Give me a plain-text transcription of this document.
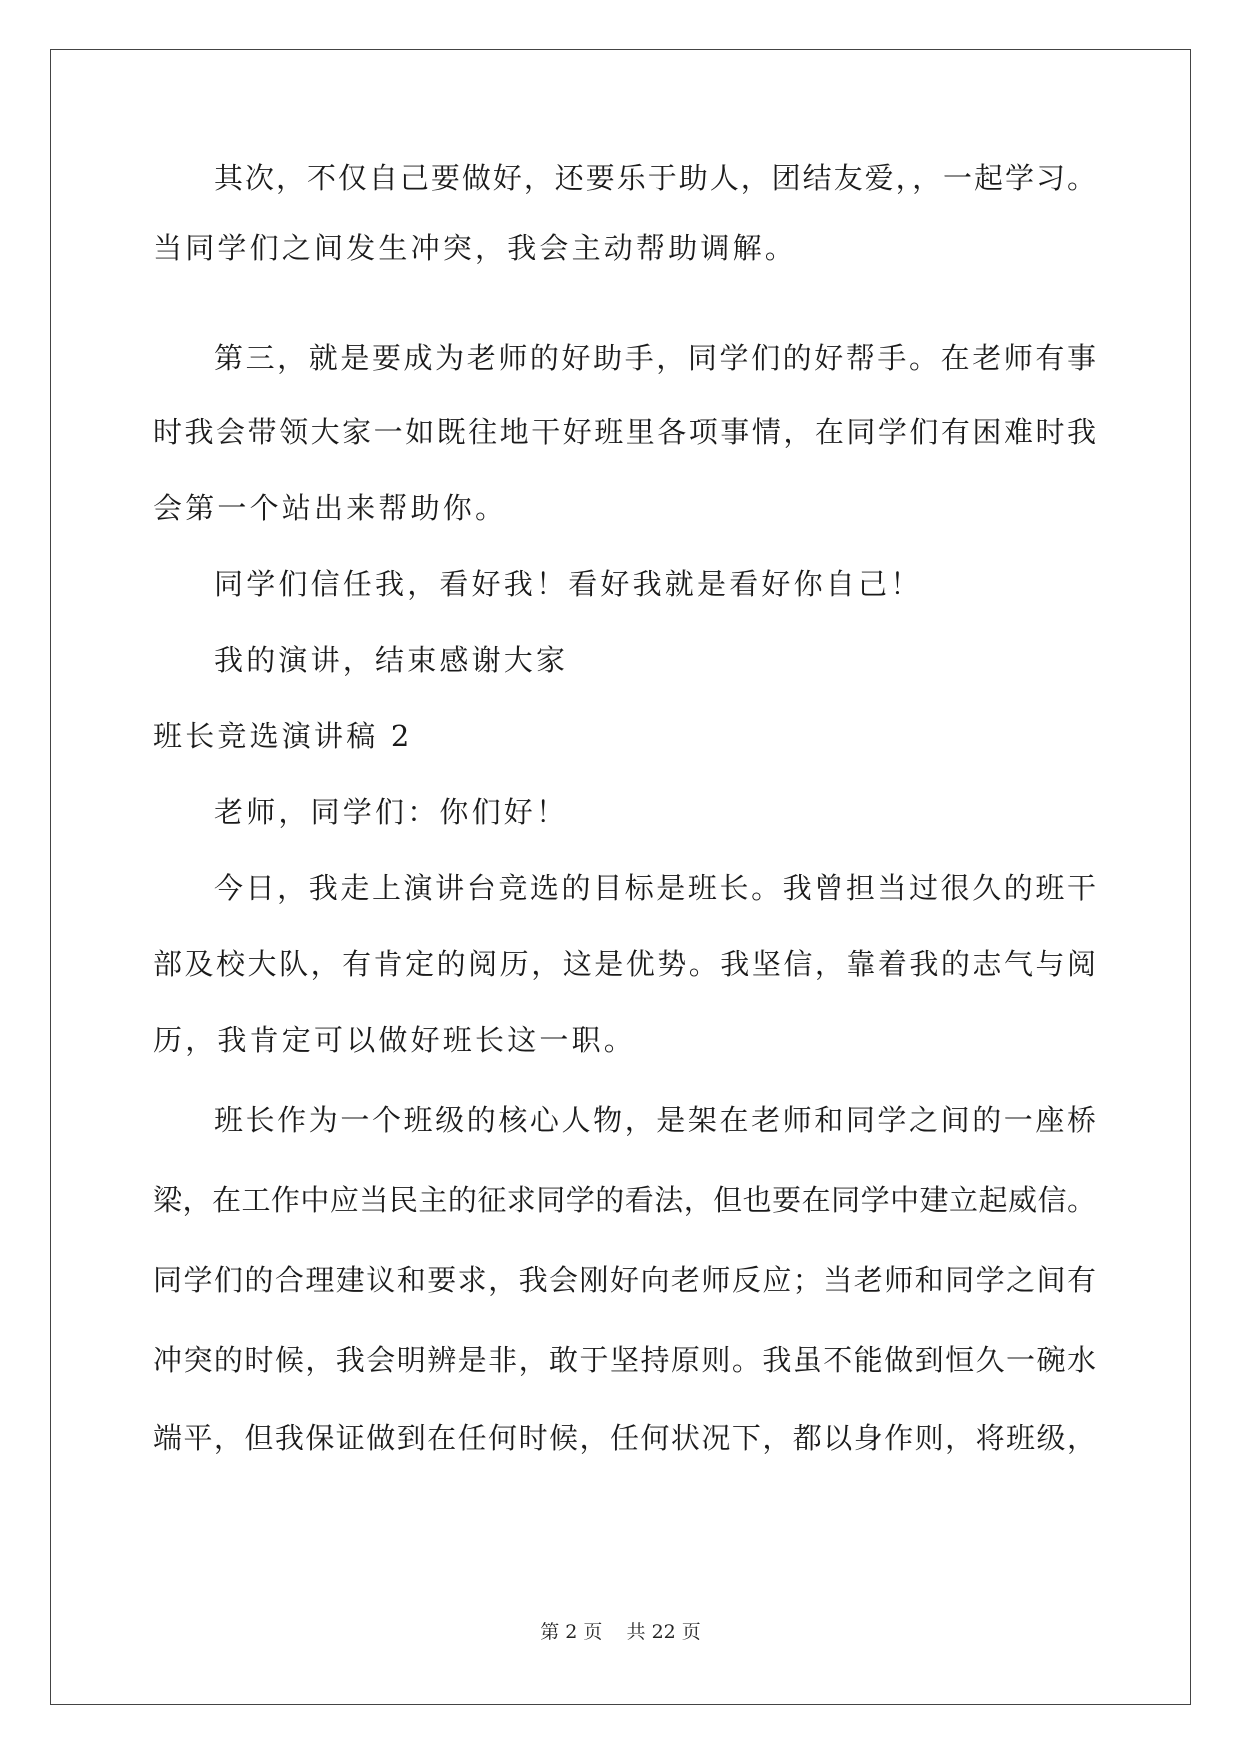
其次，不仅自己要做好，还要乐于助人，团结友爱，，一起学习。
当同学们之间发生冲突，我会主动帮助调解。
第三，就是要成为老师的好助手，同学们的好帮手。在老师有事
时我会带领大家一如既往地干好班里各项事情，在同学们有困难时我
会第一个站出来帮助你。
同学们信任我，看好我！看好我就是看好你自己！
我的演讲，结束感谢大家
班长竞选演讲稿 2
老师，同学们：你们好！
今日，我走上演讲台竞选的目标是班长。我曾担当过很久的班干
部及校大队，有肯定的阅历，这是优势。我坚信，靠着我的志气与阅
历，我肯定可以做好班长这一职。
班长作为一个班级的核心人物，是架在老师和同学之间的一座桥
梁，在工作中应当民主的征求同学的看法，但也要在同学中建立起威信。
同学们的合理建议和要求，我会刚好向老师反应；当老师和同学之间有
冲突的时候，我会明辨是非，敢于坚持原则。我虽不能做到恒久一碗水
端平，但我保证做到在任何时候，任何状况下，都以身作则，将班级，
第 2 页 共 22 页
